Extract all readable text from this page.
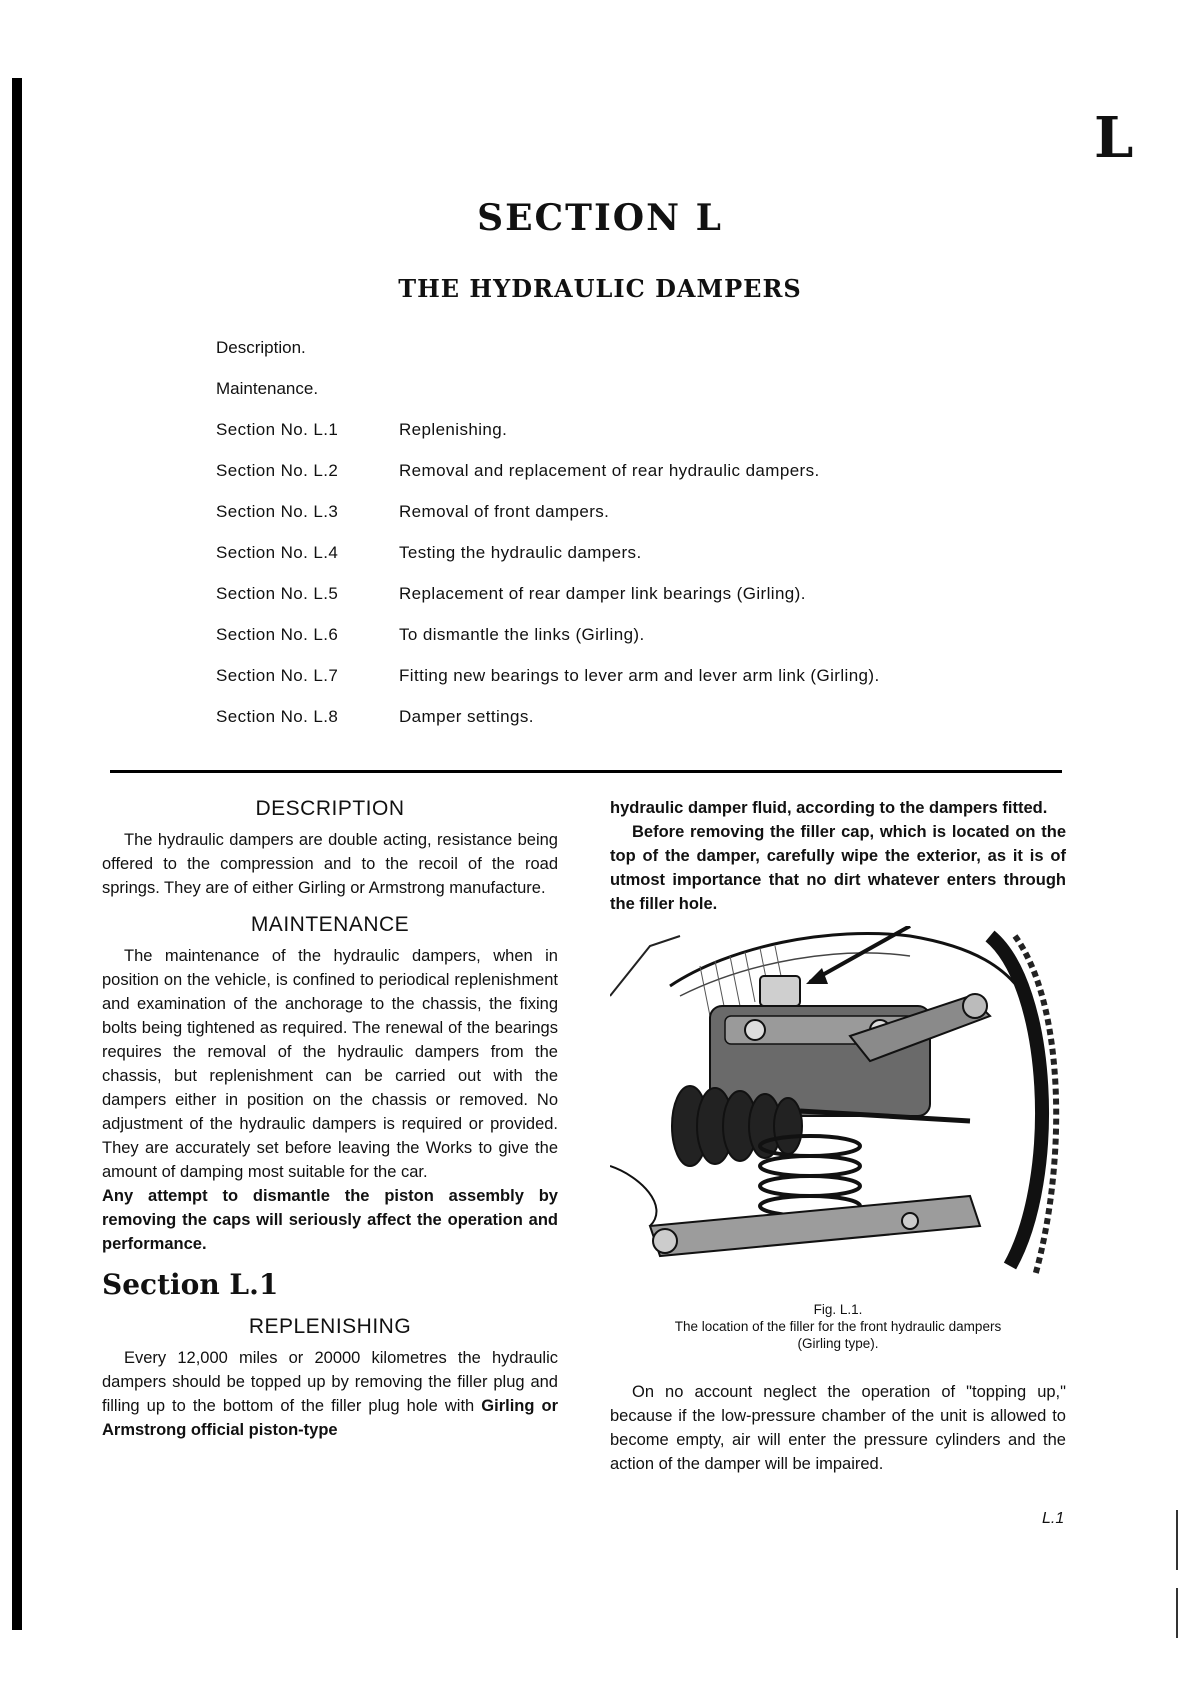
L
SECTION L
THE HYDRAULIC DAMPERS
Description.
Maintenance.
Section No. L.1	Replenishing.
Section No. L.2	Removal and replacement of rear hydraulic dampers.
Section No. L.3	Removal of front dampers.
Section No. L.4	Testing the hydraulic dampers.
Section No. L.5	Replacement of rear damper link bearings (Girling).
Section No. L.6	To dismantle the links (Girling).
Section No. L.7	Fitting new bearings to lever arm and lever arm link (Girling).
Section No. L.8	Damper settings.
DESCRIPTION

The hydraulic dampers are double acting, resistance being offered to the compression and to the recoil of the road springs. They are of either Girling or Armstrong manufacture.

MAINTENANCE

The maintenance of the hydraulic dampers, when in position on the vehicle, is confined to periodical replenishment and examination of the anchorage to the chassis, the fixing bolts being tightened as required. The renewal of the bearings requires the removal of the hydraulic dampers from the chassis, but replenishment can be carried out with the dampers either in position on the chassis or removed. No adjustment of the hydraulic dampers is required or provided. They are accurately set before leaving the Works to give the amount of damping most suitable for the car.

Any attempt to dismantle the piston assembly by removing the caps will seriously affect the operation and performance.

Section L.1
REPLENISHING

Every 12,000 miles or 20000 kilometres the hydraulic dampers should be topped up by removing the filler plug and filling up to the bottom of the filler plug hole with Girling or Armstrong official piston-type

hydraulic damper fluid, according to the dampers fitted.

Before removing the filler cap, which is located on the top of the damper, carefully wipe the exterior, as it is of utmost importance that no dirt whatever enters through the filler hole.

Fig. L.1.
The location of the filler for the front hydraulic dampers
(Girling type).

On no account neglect the operation of "topping up," because if the low-pressure chamber of the unit is allowed to become empty, air will enter the pressure cylinders and the action of the damper will be impaired.

L.1
